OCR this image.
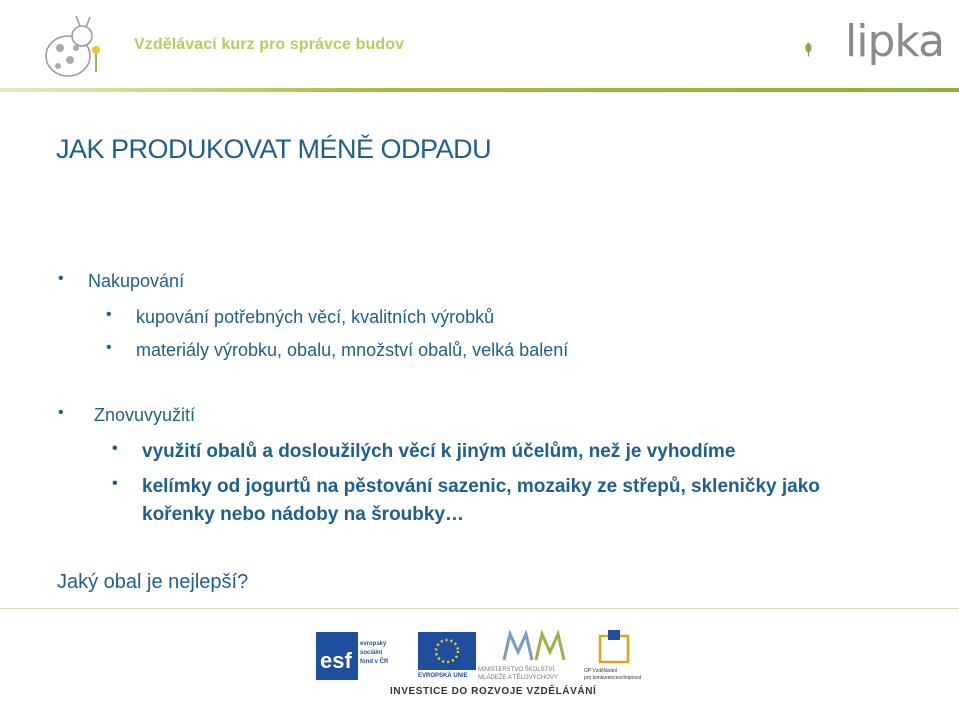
Vzdělávací kurz pro správce budov	lipka
JAK PRODUKOVAT MÉNĚ ODPADU
• Nakupování
• kupování potřebných věcí, kvalitních výrobků
• materiály výrobku, obalu, množství obalů, velká balení
• Znovuvyužití
• využití obalů a dosloužilých věcí k jiným účelům, než je vyhodíme
• kelímky od jogurtů na pěstování sazenic, mozaiky ze střepů, skleničky jako
kořenky nebo nádoby na šroubky…
Jaký obal je nejlepší?
esf
evropský
sociální
fond v ČR
EVROPSKÁ UNIE
MINISTERSTVO ŠKOLSTVÍ,
MLÁDEŽE A TĚLOVÝCHOVY
OP Vzdělávání
pro konkurenceschopnost
INVESTICE DO ROZVOJE VZDĚLÁVÁNÍ
